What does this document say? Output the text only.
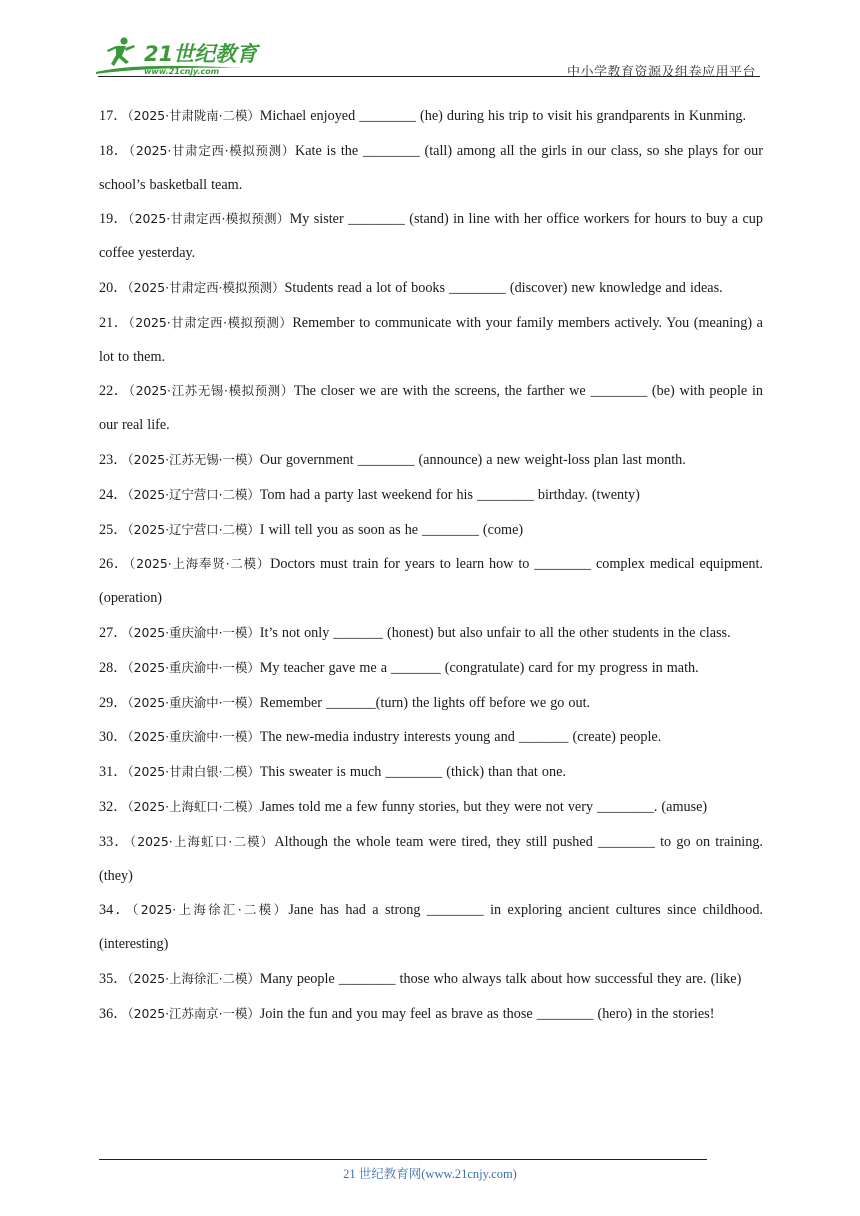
21世纪教育
www.21cnjy.com	中小学教育资源及组卷应用平台
17．（2025·甘肃陇南·二模）Michael enjoyed ________ (he) during his trip to visit his grandparents in Kunming.
18．（2025·甘肃定西·模拟预测）Kate is the ________ (tall) among all the girls in our class, so she plays for our school’s basketball team.
19．（2025·甘肃定西·模拟预测）My sister ________ (stand) in line with her office workers for hours to buy a cup coffee yesterday.
20．（2025·甘肃定西·模拟预测）Students read a lot of books ________ (discover) new knowledge and ideas.
21．（2025·甘肃定西·模拟预测）Remember to communicate with your family members actively. You (meaning) a lot to them.
22．（2025·江苏无锡·模拟预测）The closer we are with the screens, the farther we ________ (be) with people in our real life.
23．（2025·江苏无锡·一模）Our government ________ (announce) a new weight-loss plan last month.
24．（2025·辽宁营口·二模）Tom had a party last weekend for his ________ birthday. (twenty)
25．（2025·辽宁营口·二模）I will tell you as soon as he ________ (come)
26．（2025·上海奉贤·二模）Doctors must train for years to learn how to ________ complex medical equipment. (operation)
27．（2025·重庆渝中·一模）It’s not only _______ (honest) but also unfair to all the other students in the class.
28．（2025·重庆渝中·一模）My teacher gave me a _______ (congratulate) card for my progress in math.
29．（2025·重庆渝中·一模）Remember _______(turn) the lights off before we go out.
30．（2025·重庆渝中·一模）The new-media industry interests young and _______ (create) people.
31．（2025·甘肃白银·二模）This sweater is much ________ (thick) than that one.
32．（2025·上海虹口·二模）James told me a few funny stories, but they were not very ________. (amuse)
33．（2025·上海虹口·二模）Although the whole team were tired, they still pushed ________ to go on training. (they)
34．（2025·上海徐汇·二模）Jane has had a strong ________ in exploring ancient cultures since childhood. (interesting)
35．（2025·上海徐汇·二模）Many people ________ those who always talk about how successful they are. (like)
36．（2025·江苏南京·一模）Join the fun and you may feel as brave as those ________ (hero) in the stories!
21 世纪教育网(www.21cnjy.com)
